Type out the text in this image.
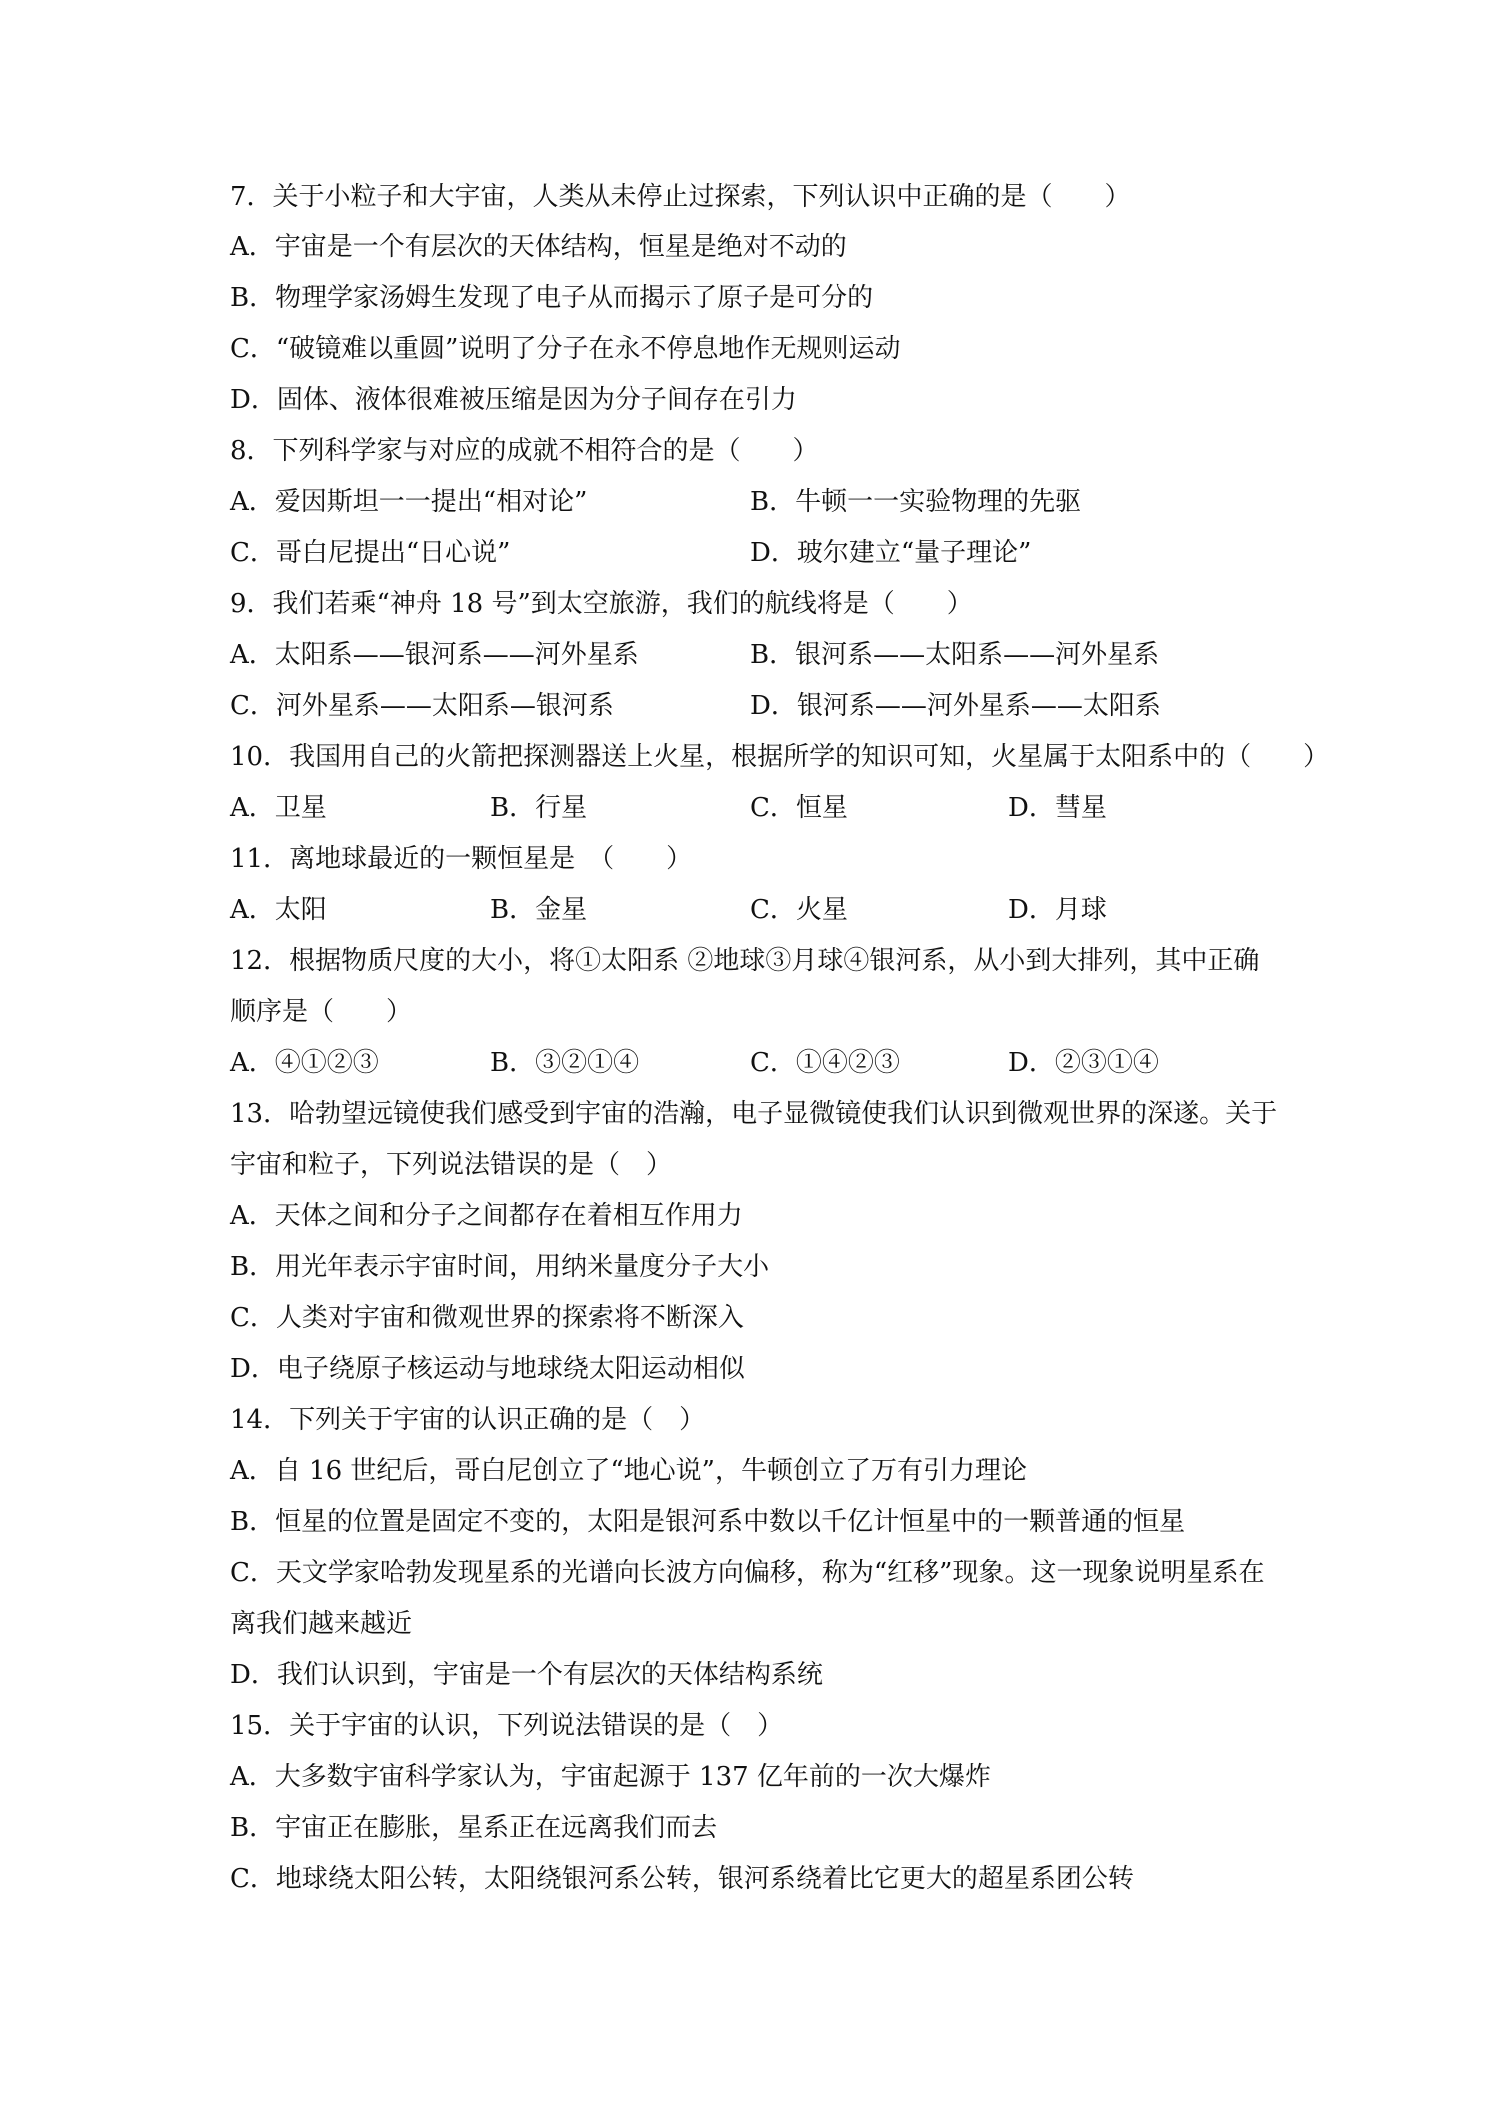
7．关于小粒子和大宇宙，人类从未停止过探索，下列认识中正确的是（　　）
A．宇宙是一个有层次的天体结构，恒星是绝对不动的
B．物理学家汤姆生发现了电子从而揭示了原子是可分的
C．“破镜难以重圆”说明了分子在永不停息地作无规则运动
D．固体、液体很难被压缩是因为分子间存在引力
8．下列科学家与对应的成就不相符合的是（　　）
A．爱因斯坦一一提出“相对论”	B．牛顿一一实验物理的先驱
C．哥白尼提出“日心说”	D．玻尔建立“量子理论”
9．我们若乘“神舟 18 号”到太空旅游，我们的航线将是（　　）
A．太阳系——银河系——河外星系	B．银河系——太阳系——河外星系
C．河外星系——太阳系—银河系	D．银河系——河外星系——太阳系
10．我国用自己的火箭把探测器送上火星，根据所学的知识可知，火星属于太阳系中的（　　）
A．卫星	B．行星	C．恒星	D．彗星
11．离地球最近的一颗恒星是　（　　）
A．太阳	B．金星	C．火星	D．月球
12．根据物质尺度的大小，将①太阳系 ②地球③月球④银河系，从小到大排列，其中正确
顺序是（　　）
A．④①②③	B．③②①④	C．①④②③	D．②③①④
13．哈勃望远镜使我们感受到宇宙的浩瀚，电子显微镜使我们认识到微观世界的深遂。关于
宇宙和粒子，下列说法错误的是（　）
A．天体之间和分子之间都存在着相互作用力
B．用光年表示宇宙时间，用纳米量度分子大小
C．人类对宇宙和微观世界的探索将不断深入
D．电子绕原子核运动与地球绕太阳运动相似
14．下列关于宇宙的认识正确的是（　）
A．自 16 世纪后，哥白尼创立了“地心说”，牛顿创立了万有引力理论
B．恒星的位置是固定不变的，太阳是银河系中数以千亿计恒星中的一颗普通的恒星
C．天文学家哈勃发现星系的光谱向长波方向偏移，称为“红移”现象。这一现象说明星系在
离我们越来越近
D．我们认识到，宇宙是一个有层次的天体结构系统
15．关于宇宙的认识，下列说法错误的是（　）
A．大多数宇宙科学家认为，宇宙起源于 137 亿年前的一次大爆炸
B．宇宙正在膨胀，星系正在远离我们而去
C．地球绕太阳公转，太阳绕银河系公转，银河系绕着比它更大的超星系团公转
